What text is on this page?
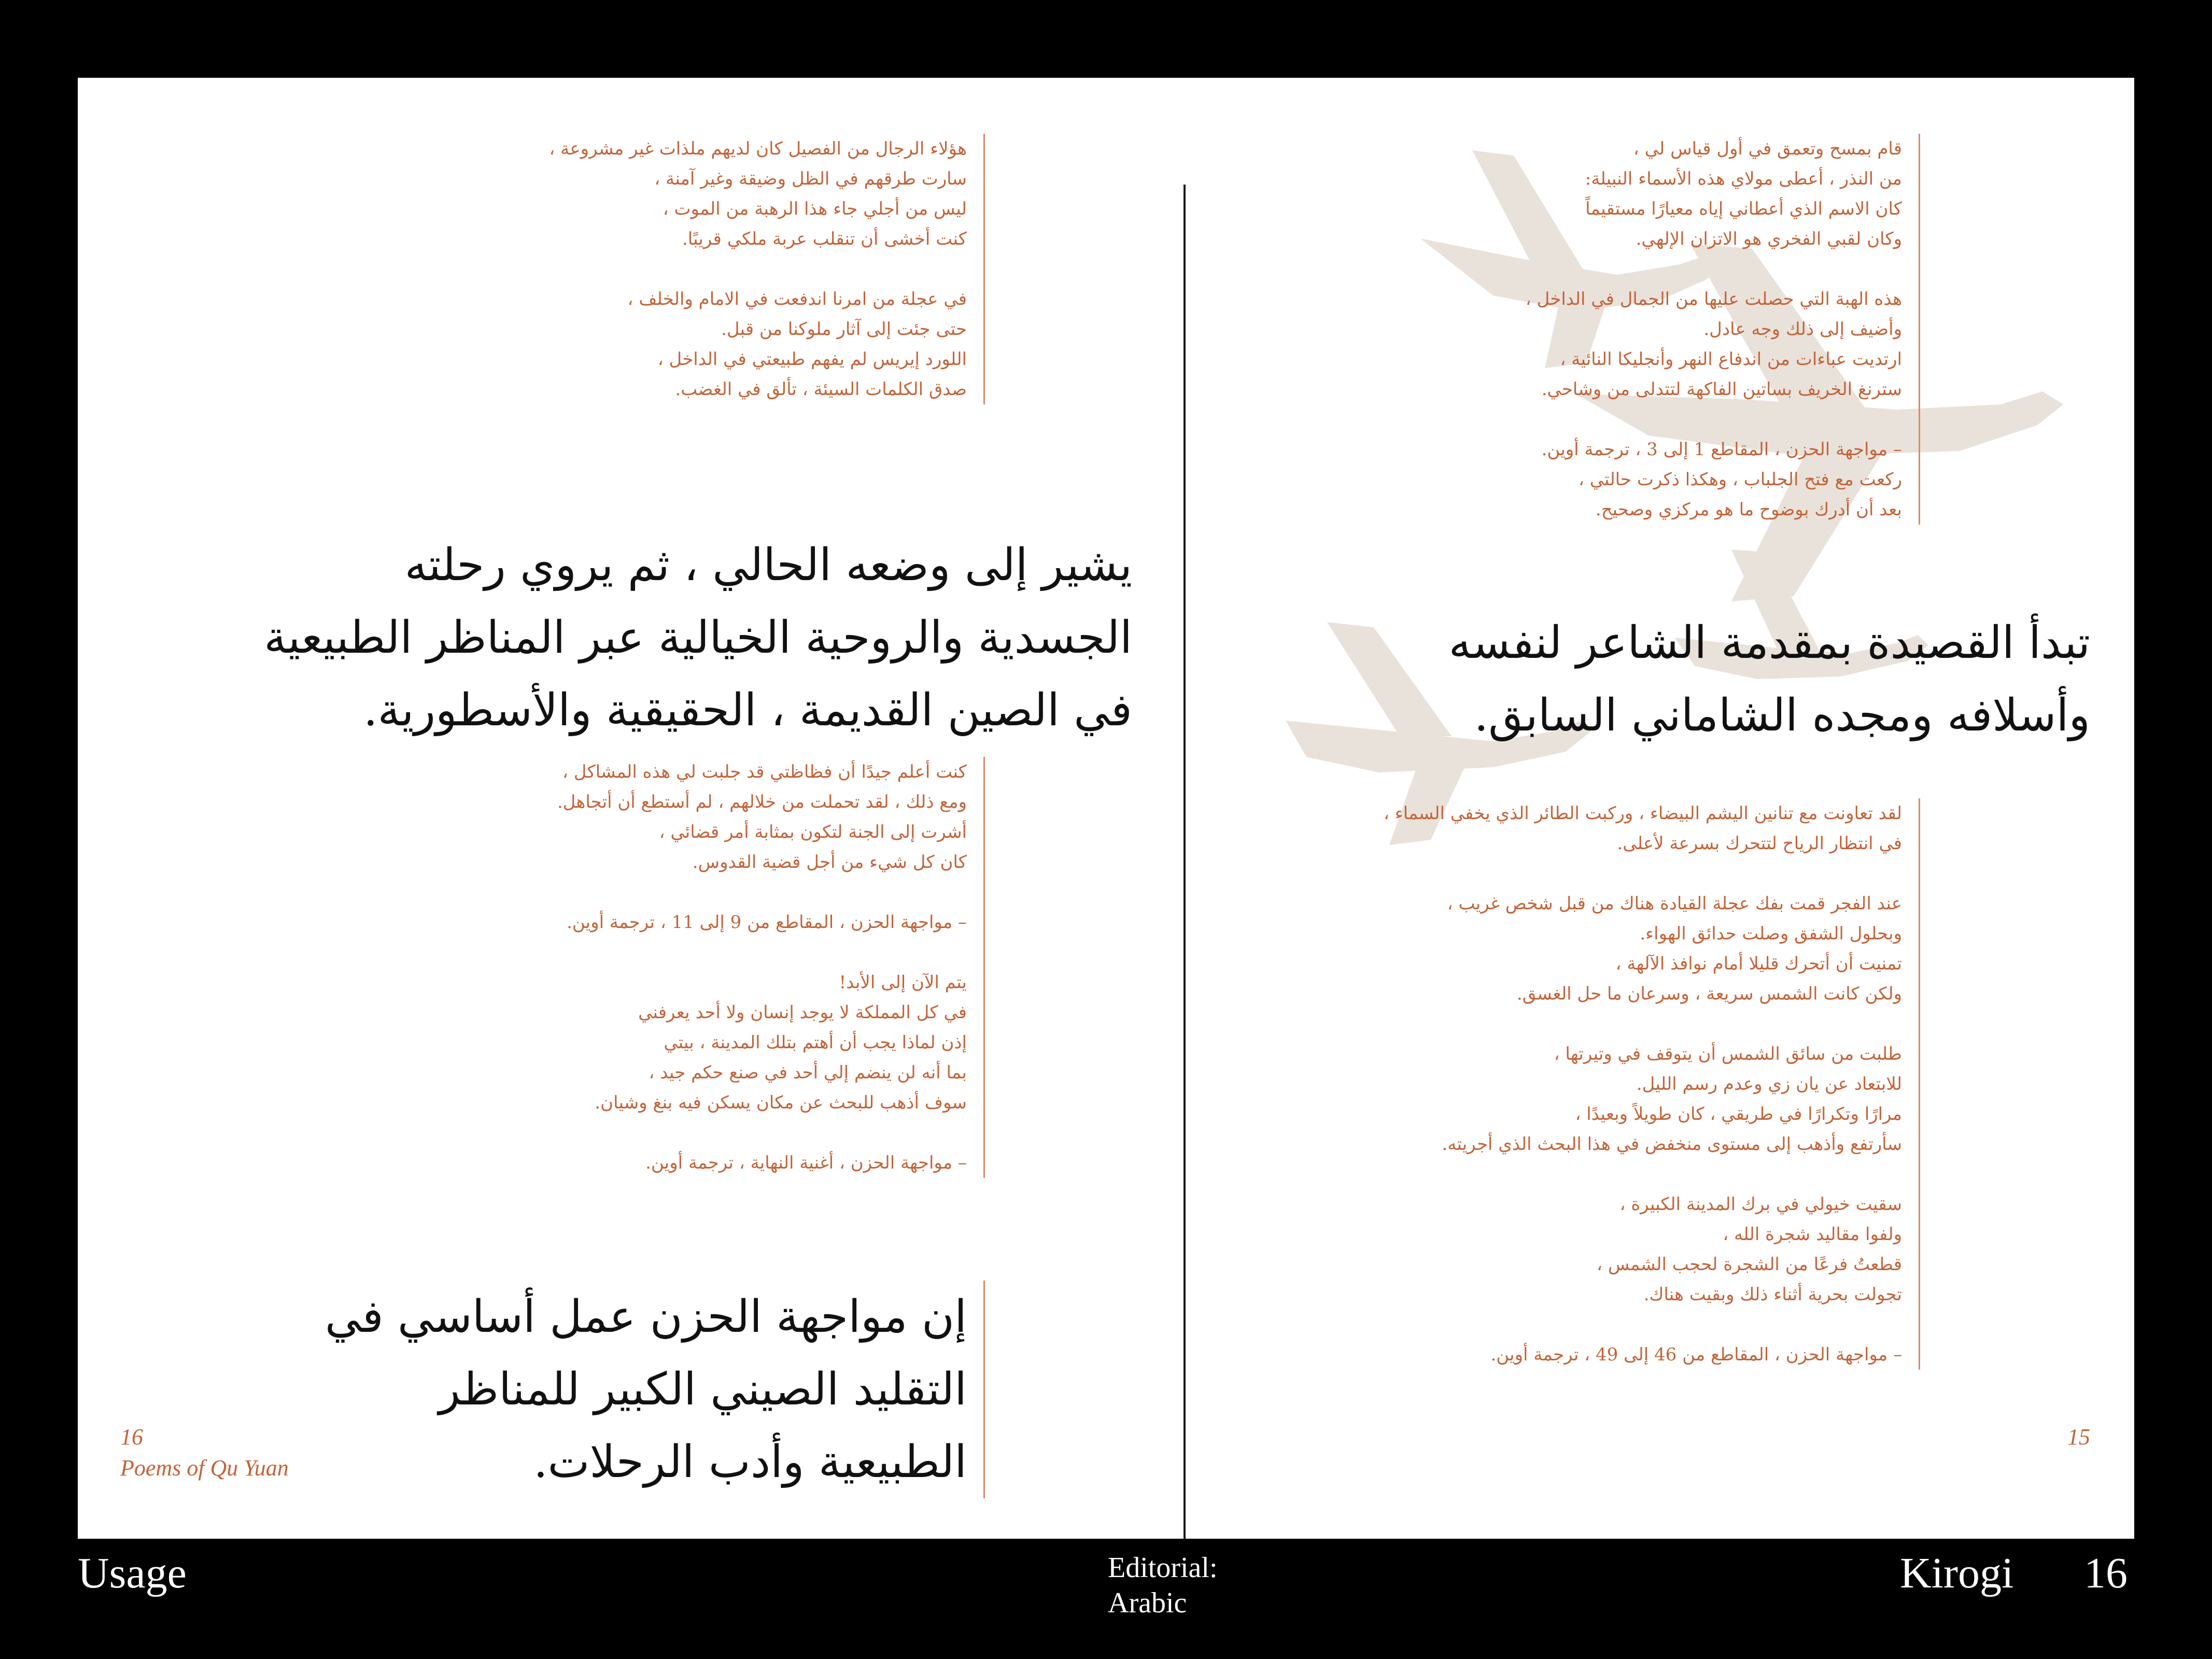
هؤلاء الرجال من الفصيل كان لديهم ملذات غير مشروعة ،
سارت طرقهم في الظل وضيقة وغير آمنة ،
ليس من أجلي جاء هذا الرهبة من الموت ،
كنت أخشى أن تنقلب عربة ملكي قريبًا.

في عجلة من امرنا اندفعت في الامام والخلف ،
حتى جئت إلى آثار ملوكنا من قبل.
اللورد إيريس لم يفهم طبيعتي في الداخل ،
صدق الكلمات السيئة ، تألق في الغضب.

يشير إلى وضعه الحالي ، ثم يروي رحلته الجسدية والروحية الخيالية عبر المناظر الطبيعية في الصين القديمة ، الحقيقية والأسطورية.

كنت أعلم جيدًا أن فظاظتي قد جلبت لي هذه المشاكل ،
ومع ذلك ، لقد تحملت من خلالهم ، لم أستطع أن أتجاهل.
أشرت إلى الجنة لتكون بمثابة أمر قضائي ،
كان كل شيء من أجل قضية القدوس.

– مواجهة الحزن ، المقاطع من 9 إلى 11 ، ترجمة أوين.

يتم الآن إلى الأبد!
في كل المملكة لا يوجد إنسان ولا أحد يعرفني
إذن لماذا يجب أن أهتم بتلك المدينة ، بيتي
بما أنه لن ينضم إلي أحد في صنع حكم جيد ،
سوف أذهب للبحث عن مكان يسكن فيه بنغ وشيان.

– مواجهة الحزن ، أغنية النهاية ، ترجمة أوين.

إن مواجهة الحزن عمل أساسي في التقليد الصيني الكبير للمناظر الطبيعية وأدب الرحلات.
16
Poems of Qu Yuan

قام بمسح وتعمق في أول قياس لي ،
من النذر ، أعطى مولاي هذه الأسماء النبيلة:
كان الاسم الذي أعطاني إياه معيارًا مستقيماً
وكان لقبي الفخري هو الاتزان الإلهي.

هذه الهبة التي حصلت عليها من الجمال في الداخل ،
وأضيف إلى ذلك وجه عادل.
ارتديت عباءات من اندفاع النهر وأنجليكا النائية ،
سترنغ الخريف بساتين الفاكهة لتتدلى من وشاحي.

– مواجهة الحزن ، المقاطع 1 إلى 3 ، ترجمة أوين.
ركعت مع فتح الجلباب ، وهكذا ذكرت حالتي ،
بعد أن أدرك بوضوح ما هو مركزي وصحيح.

تبدأ القصيدة بمقدمة الشاعر لنفسه وأسلافه ومجده الشاماني السابق.

لقد تعاونت مع تنانين اليشم البيضاء ، وركبت الطائر الذي يخفي السماء ،
في انتظار الرياح لتتحرك بسرعة لأعلى.

عند الفجر قمت بفك عجلة القيادة هناك من قبل شخص غريب ،
وبحلول الشفق وصلت حدائق الهواء.
تمنيت أن أتحرك قليلا أمام نوافذ الآلهة ،
ولكن كانت الشمس سريعة ، وسرعان ما حل الغسق.

طلبت من سائق الشمس أن يتوقف في وتيرتها ،
للابتعاد عن يان زي وعدم رسم الليل.
مرارًا وتكرارًا في طريقي ، كان طويلاً وبعيدًا ،
سأرتفع وأذهب إلى مستوى منخفض في هذا البحث الذي أجريته.

سقيت خيولي في برك المدينة الكبيرة ،
ولفوا مقاليد شجرة الله ،
قطعتُ فرعًا من الشجرة لحجب الشمس ،
تجولت بحرية أثناء ذلك وبقيت هناك.

– مواجهة الحزن ، المقاطع من 46 إلى 49 ، ترجمة أوين.

15
Usage	Editorial:
Arabic
Kirogi 16
